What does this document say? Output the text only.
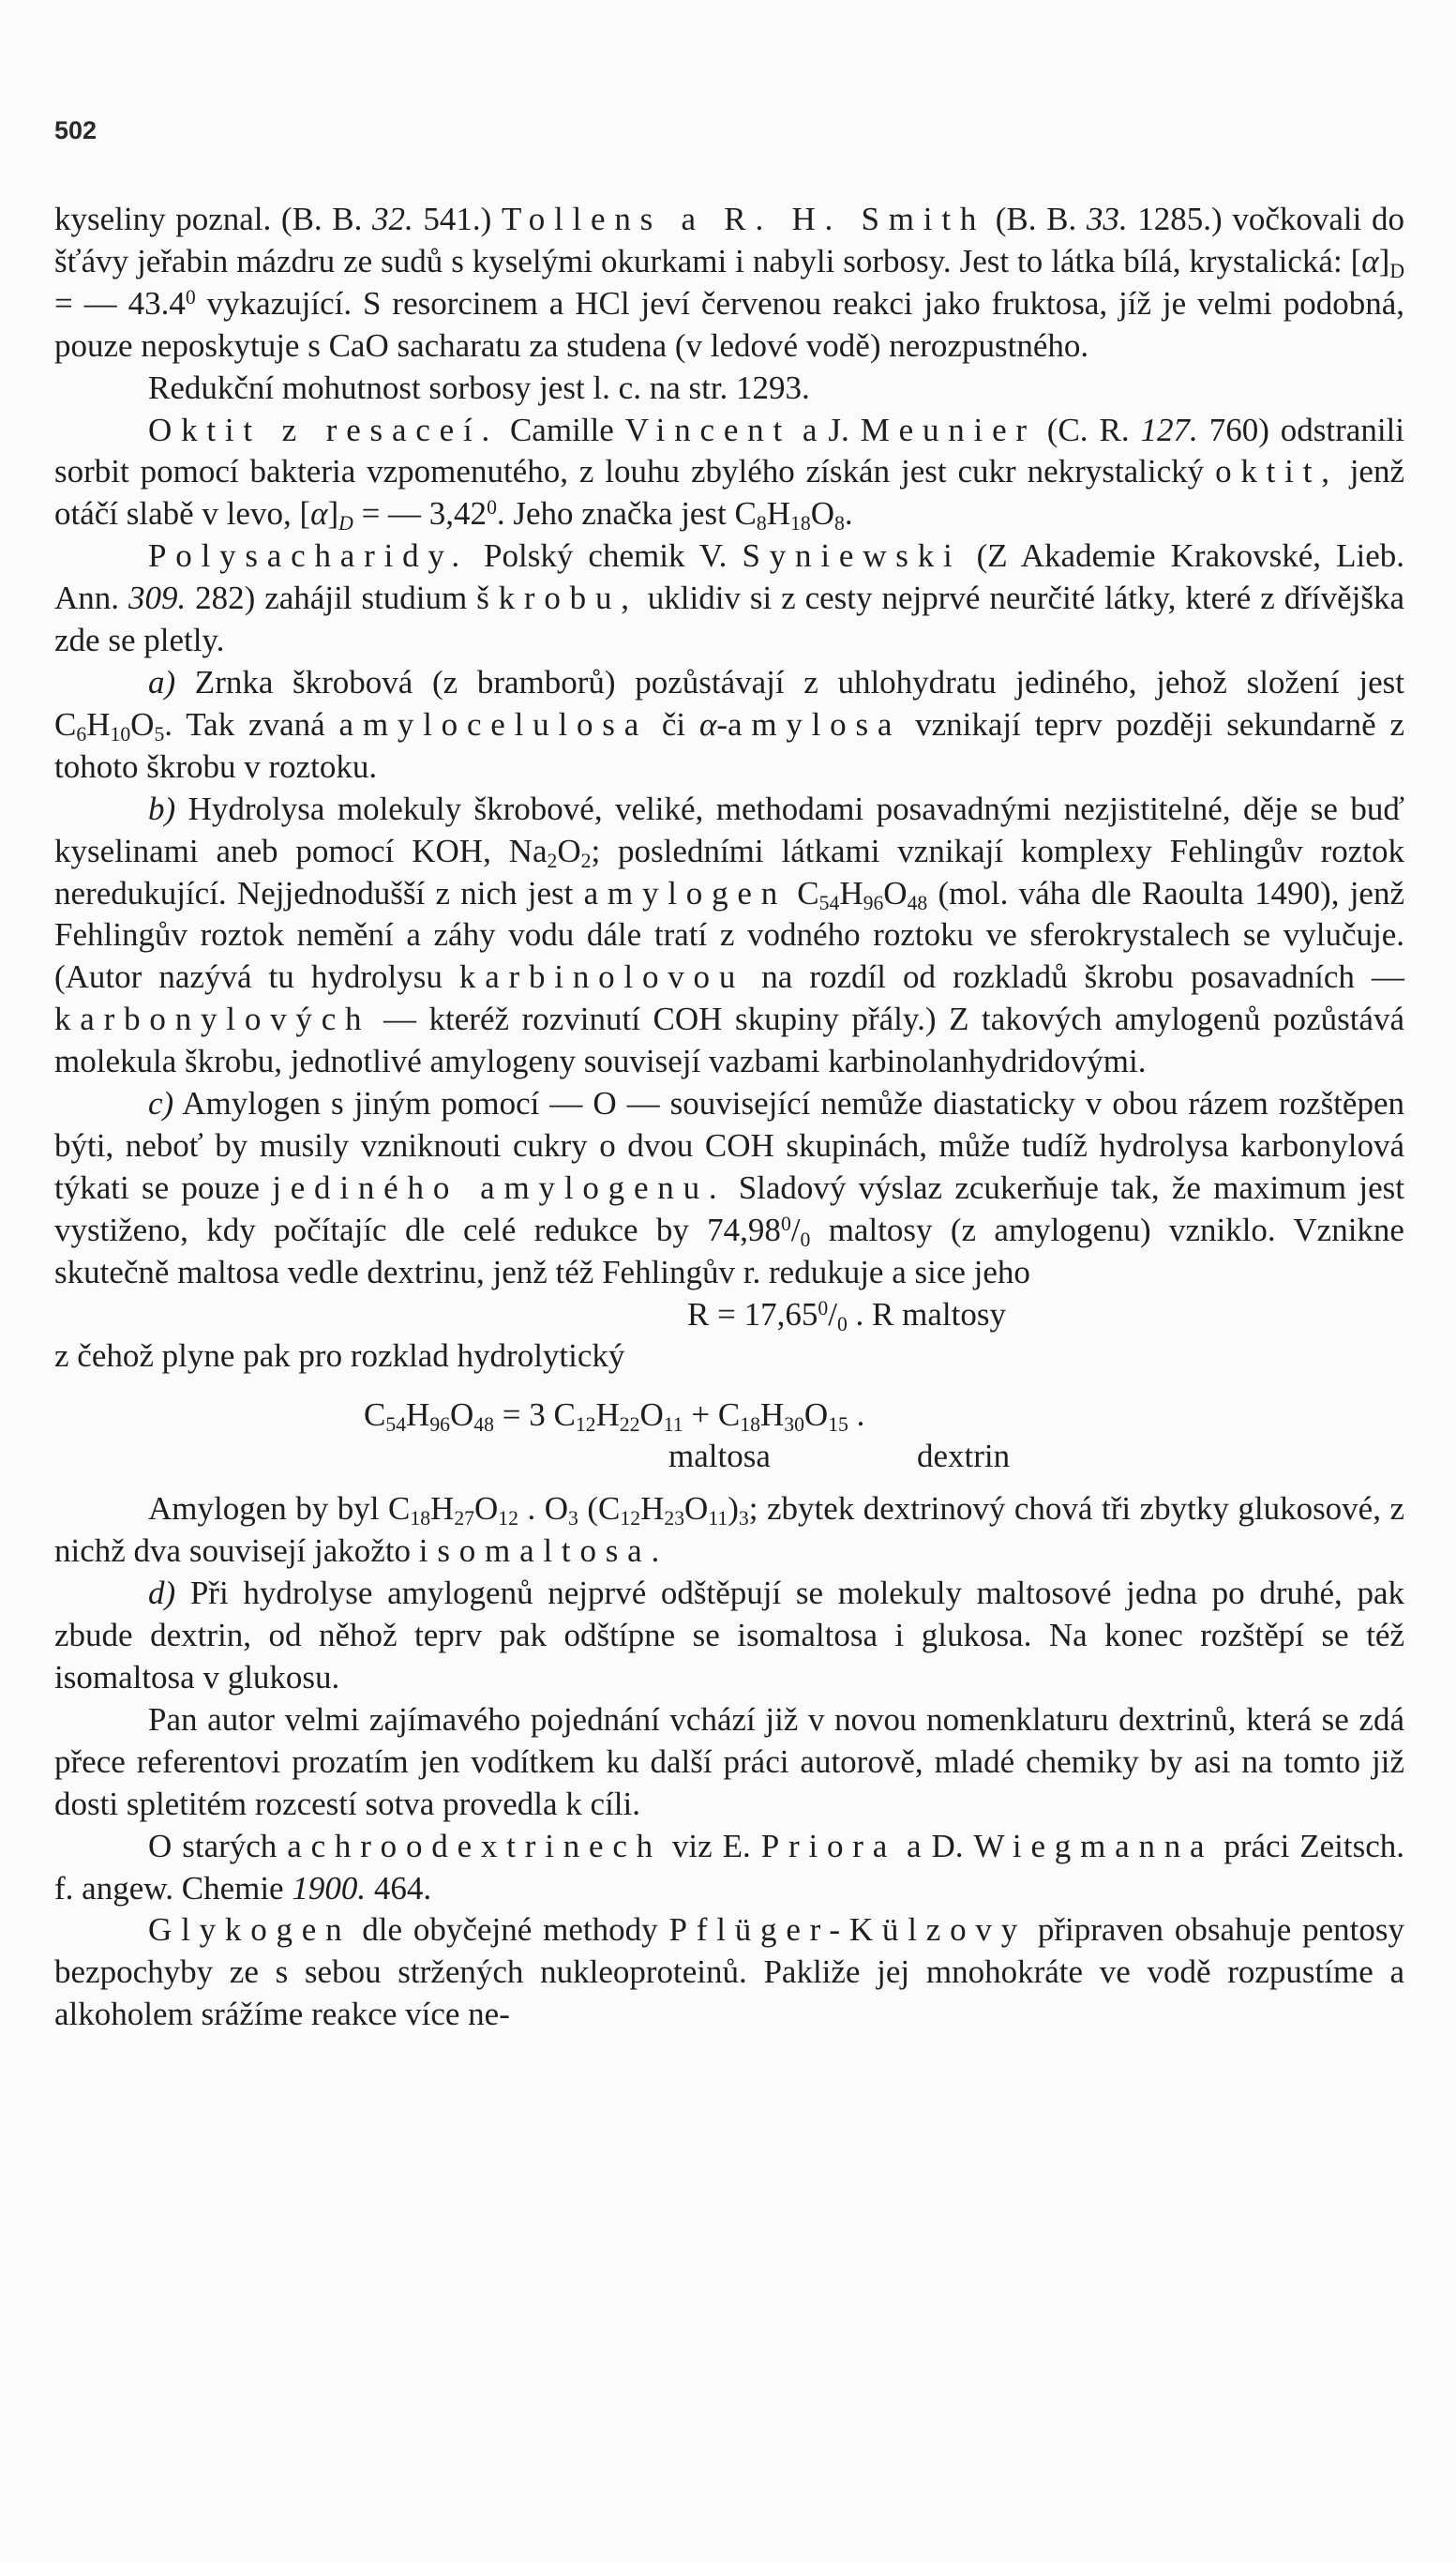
502

kyseliny poznal. (B. B. 32. 541.) Tollens a R. H. Smith (B. B. 33. 1285.) vočkovali do šťávy jeřabin mázdru ze sudů s kyselými okurkami i nabyli sorbosy. Jest to látka bílá, krystalická: $[\alpha]_D$ = — 43.4$^0$ vykazující. S resorcinem a HCl jeví červenou reakci jako fruktosa, jíž je velmi podobná, pouze neposkytuje s CaO sacharatu za studena (v ledové vodě) nerozpustného.

Redukční mohutnost sorbosy jest l. c. na str. 1293.

Oktit z resaceí. Camille Vincent a J. Meunier (C. R. 127. 760) odstranili sorbit pomocí bakteria vzpomenutého, z louhu zbylého získán jest cukr nekrystalický oktit, jenž otáčí slabě v levo, $[\alpha]_D$ = — 3,42$^0$. Jeho značka jest $C_8H_{18}O_8$.

Polysacharidy. Polský chemik V. Syniewski (Z Akademie Krakovské, Lieb. Ann. 309. 282) zahájil studium škrobu, uklidiv si z cesty nejprvé neurčité látky, které z dřívějška zde se pletly.

a) Zrnka škrobová (z bramborů) pozůstávají z uhlohydratu jediného, jehož složení jest $C_6H_{10}O_5$. Tak zvaná amylocelulosa či α-amylosa vznikají teprv později sekundarně z tohoto škrobu v roztoku.

b) Hydrolysa molekuly škrobové, veliké, methodami posavadnými nezjistitelné, děje se buď kyselinami aneb pomocí KOH, $Na_2O_2$; posledními látkami vznikají komplexy Fehlingův roztok neredukující. Nejjednodušší z nich jest amylogen $C_{54}H_{96}O_{48}$ (mol. váha dle Raoulta 1490), jenž Fehlingův roztok nemění a záhy vodu dále tratí z vodného roztoku ve sferokrystalech se vylučuje. (Autor nazývá tu hydrolysu karbinolovou na rozdíl od rozkladů škrobu posavadních — karbonylových — kteréž rozvinutí COH skupiny přály.) Z takových amylogenů pozůstává molekula škrobu, jednotlivé amylogeny souvisejí vazbami karbinolanhydridovými.

c) Amylogen s jiným pomocí — O — související nemůže diastaticky v obou rázem rozštěpen býti, neboť by musily vzniknouti cukry o dvou COH skupinách, může tudíž hydrolysa karbonylová týkati se pouze jediného amylogenu. Sladový výslaz zcukerňuje tak, že maximum jest vystiženo, kdy počítajíc dle celé redukce by $74,98^0/_0$ maltosy (z amylogenu) vzniklo. Vznikne skutečně maltosa vedle dextrinu, jenž též Fehlingův r. redukuje a sice jeho

$R = 17,65^0/_0$ . R maltosy

z čehož plyne pak pro rozklad hydrolytický

$C_{54}H_{96}O_{48} = 3$ $C_{12}H_{22}O_{11} + C_{18}H_{30}O_{15}$ .
maltosa	dextrin

Amylogen by byl $C_{18}H_{27}O_{12}$ . $O_3$ $(C_{12}H_{23}O_{11})_3$; zbytek dextrinový chová tři zbytky glukosové, z nichž dva souvisejí jakožto isomaltosa.

d) Při hydrolyse amylogenů nejprvé odštěpují se molekuly maltosové jedna po druhé, pak zbude dextrin, od něhož teprv pak odštípne se isomaltosa i glukosa. Na konec rozštěpí se též isomaltosa v glukosu.

Pan autor velmi zajímavého pojednání vchází již v novou nomenklaturu dextrinů, která se zdá přece referentovi prozatím jen vodítkem ku další práci autorově, mladé chemiky by asi na tomto již dosti spletitém rozcestí sotva provedla k cíli.

O starých achroodextrinech viz E. Priora a D. Wiegmanna práci Zeitsch. f. angew. Chemie 1900. 464.

Glykogen dle obyčejné methody Pflüger-Külzovy připraven obsahuje pentosy bezpochyby ze s sebou stržených nukleoproteinů. Pakliže jej mnohokráte ve vodě rozpustíme a alkoholem srážíme reakce více ne-
